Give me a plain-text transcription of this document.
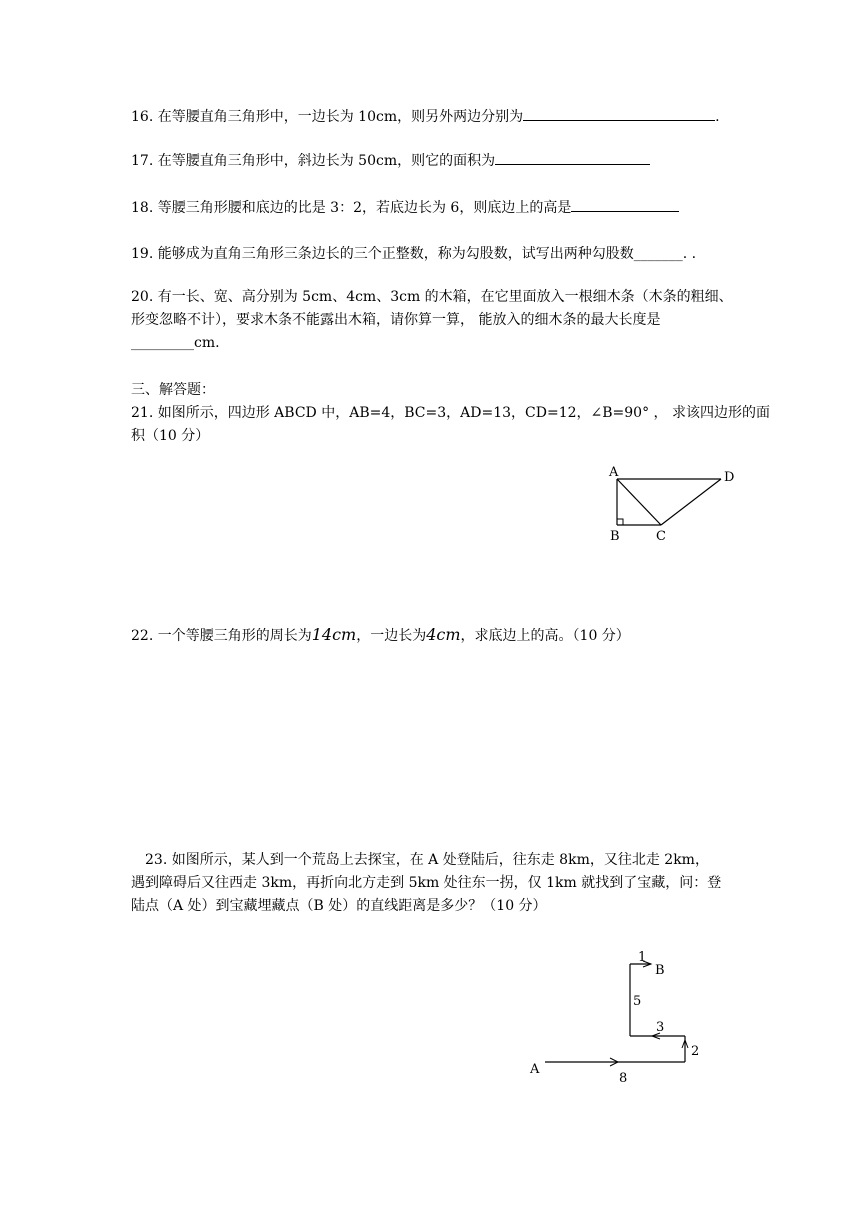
16. 在等腰直角三角形中，一边长为 10cm，则另外两边分别为	.
17. 在等腰直角三角形中，斜边长为 50cm，则它的面积为
18. 等腰三角形腰和底边的比是 3：2，若底边长为 6，则底边上的高是
19. 能够成为直角三角形三条边长的三个正整数，称为勾股数，试写出两种勾股数_______. .
20. 有一长、宽、高分别为 5cm、4cm、3cm 的木箱，在它里面放入一根细木条（木条的粗细、
形变忽略不计），要求木条不能露出木箱，请你算一算， 能放入的细木条的最大长度是
_________cm.
三、解答题：
21. 如图所示，四边形 ABCD 中，AB=4，BC=3，AD=13，CD=12，∠B=90° ， 求该四边形的面
积（10 分）
A	D
B	C
A
B
8
2
3
5
1
22. 一个等腰三角形的周长为14cm，一边长为4cm，求底边上的高。（10 分）
23. 如图所示，某人到一个荒岛上去探宝，在 A 处登陆后，往东走 8km，又往北走 2km，
遇到障碍后又往西走 3km，再折向北方走到 5km 处往东一拐，仅 1km 就找到了宝藏，问：登
陆点（A 处）到宝藏埋藏点（B 处）的直线距离是多少？（10 分）
